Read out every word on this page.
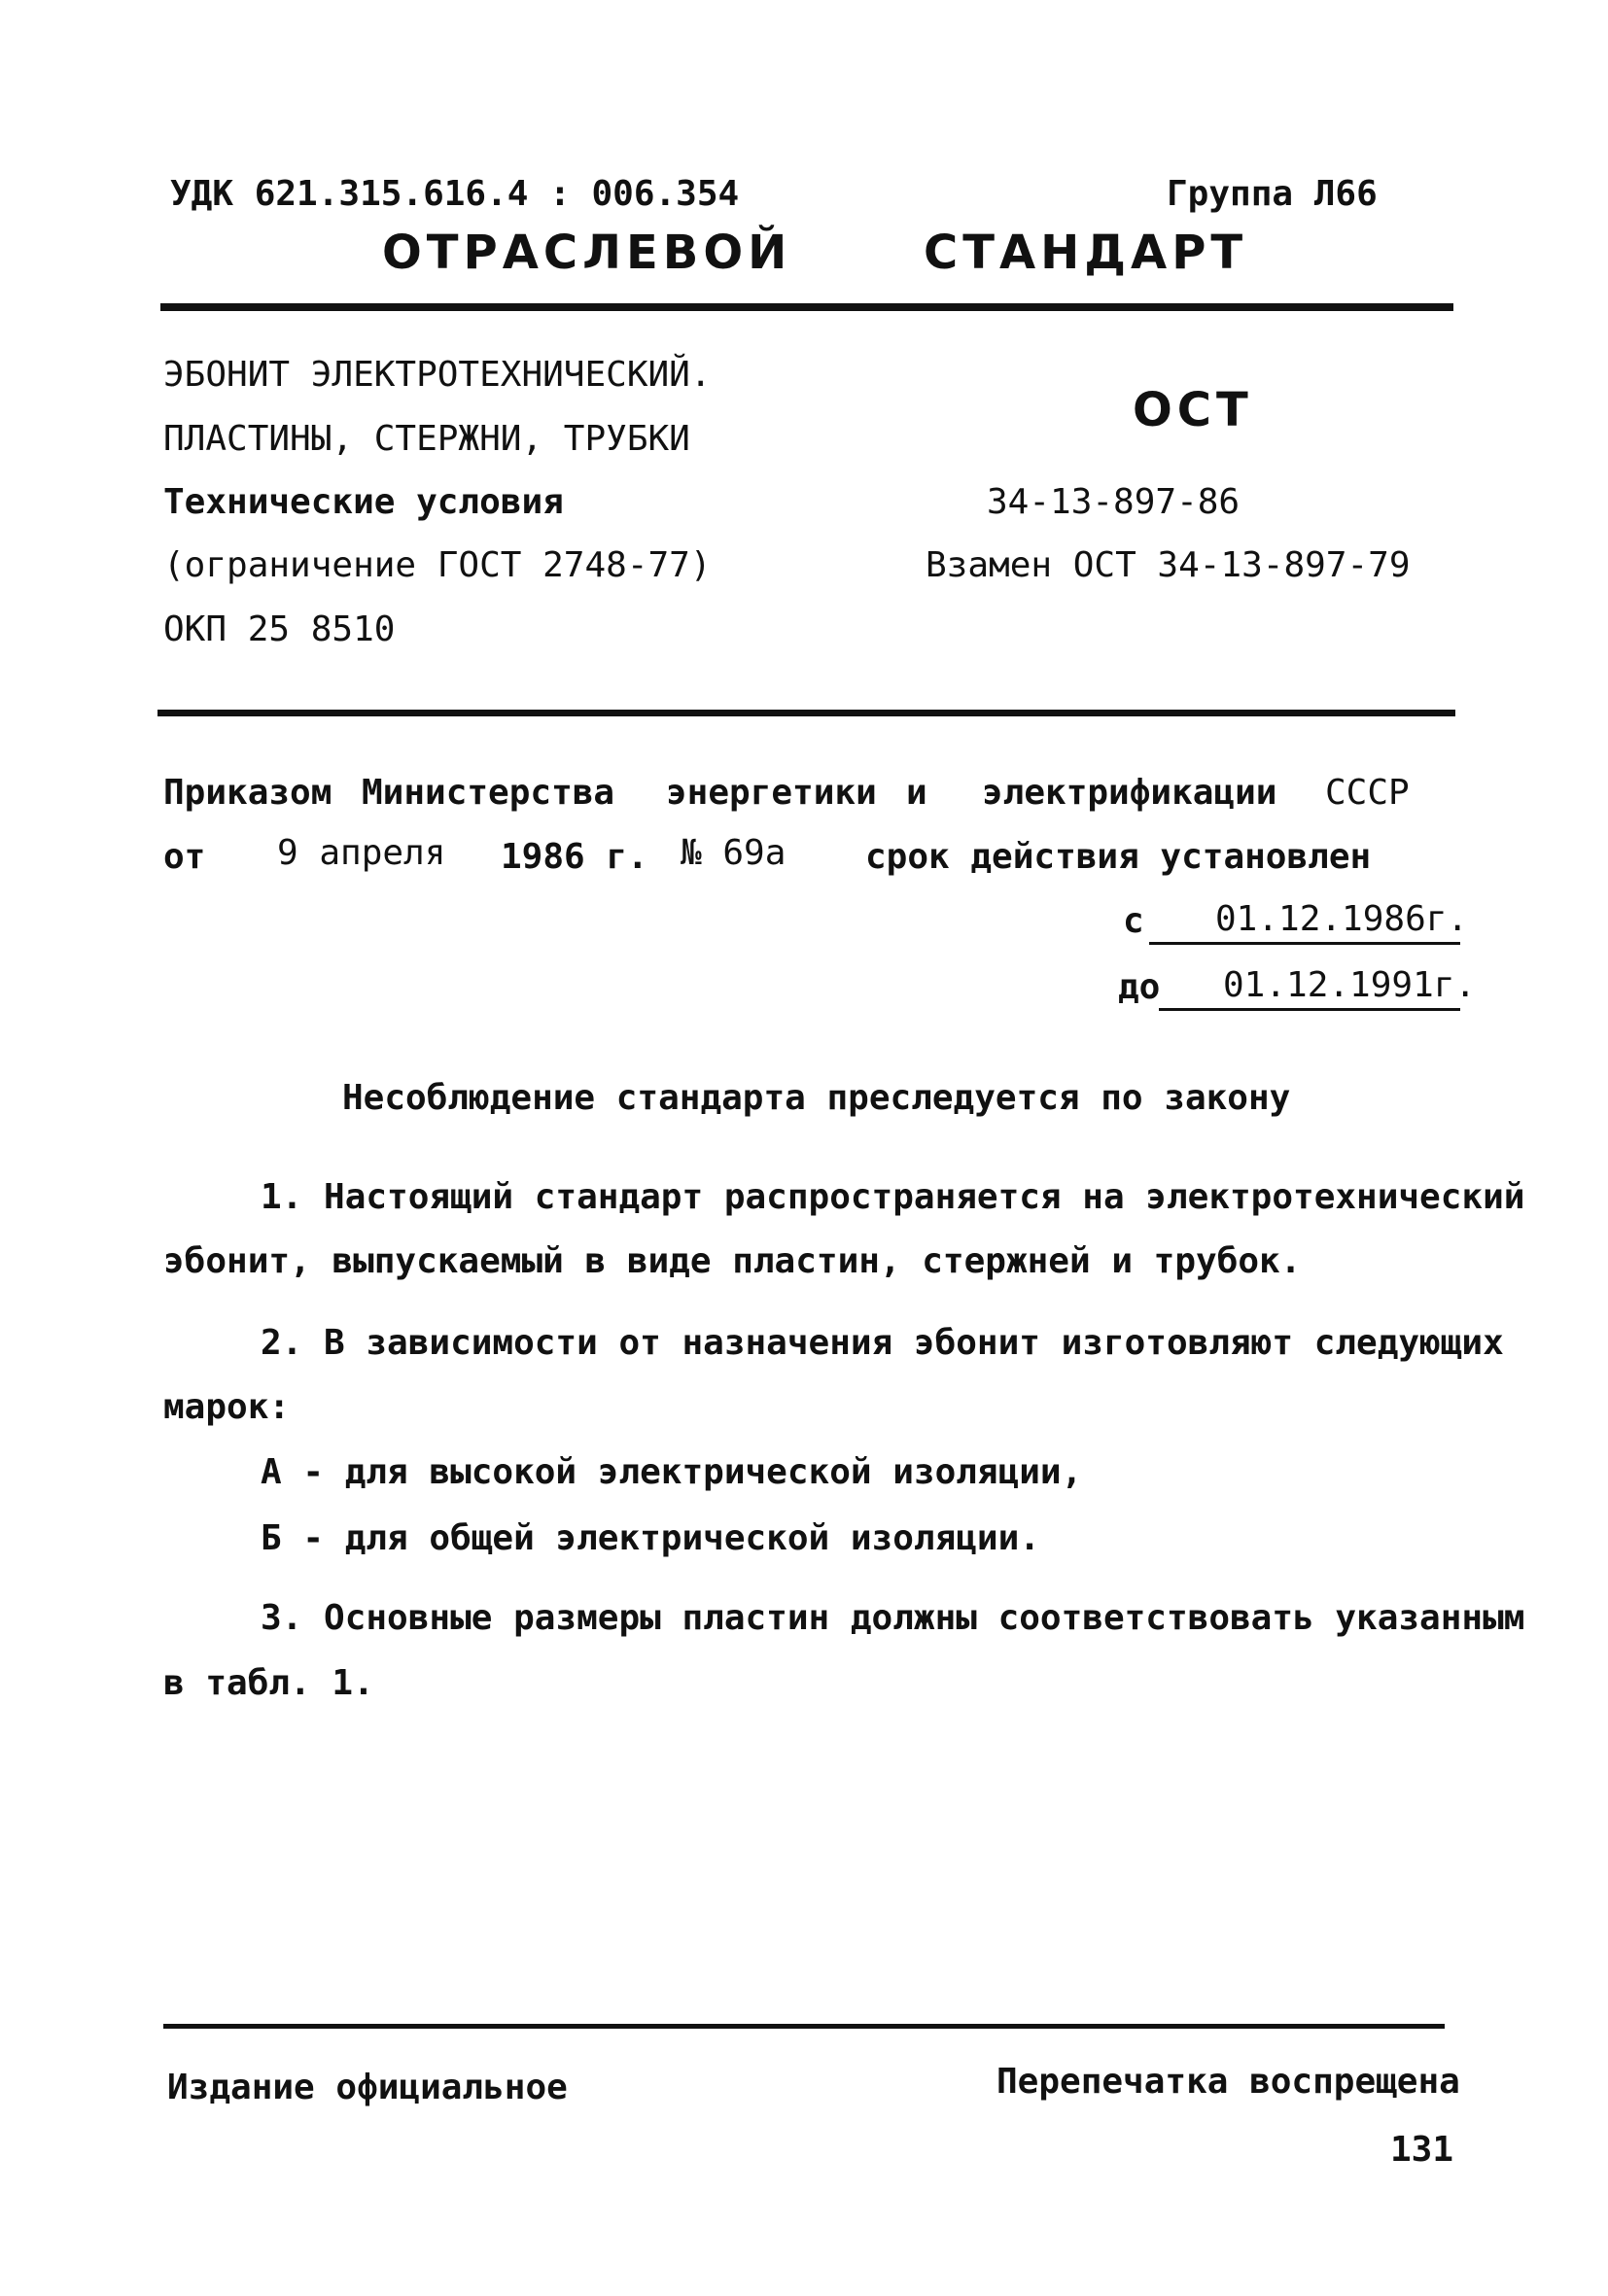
УДК 621.315.616.4 : 006.354	Группа Л66
ОТРАСЛЕВОЙ	СТАНДАРТ
ЭБОНИТ ЭЛЕКТРОТЕХНИЧЕСКИЙ.
ПЛАСТИНЫ, СТЕРЖНИ, ТРУБКИ
Технические условия
(ограничение ГОСТ 2748-77)
ОКП 25 8510
ОСТ
34-13-897-86
Взамен ОСТ 34-13-897-79
Приказом Министерства энергетики и электрификации СССР
от 9 апреля 1986 г. № 69а срок действия установлен
с 01.12.1986г.
до 01.12.1991г.
Несоблюдение стандарта преследуется по закону
1. Настоящий стандарт распространяется на электротехнический
эбонит, выпускаемый в виде пластин, стержней и трубок.
2. В зависимости от назначения эбонит изготовляют следующих
марок:
А - для высокой электрической изоляции,
Б - для общей электрической изоляции.
3. Основные размеры пластин должны соответствовать указанным
в табл. 1.
Издание официальное	Перепечатка воспрещена
131
